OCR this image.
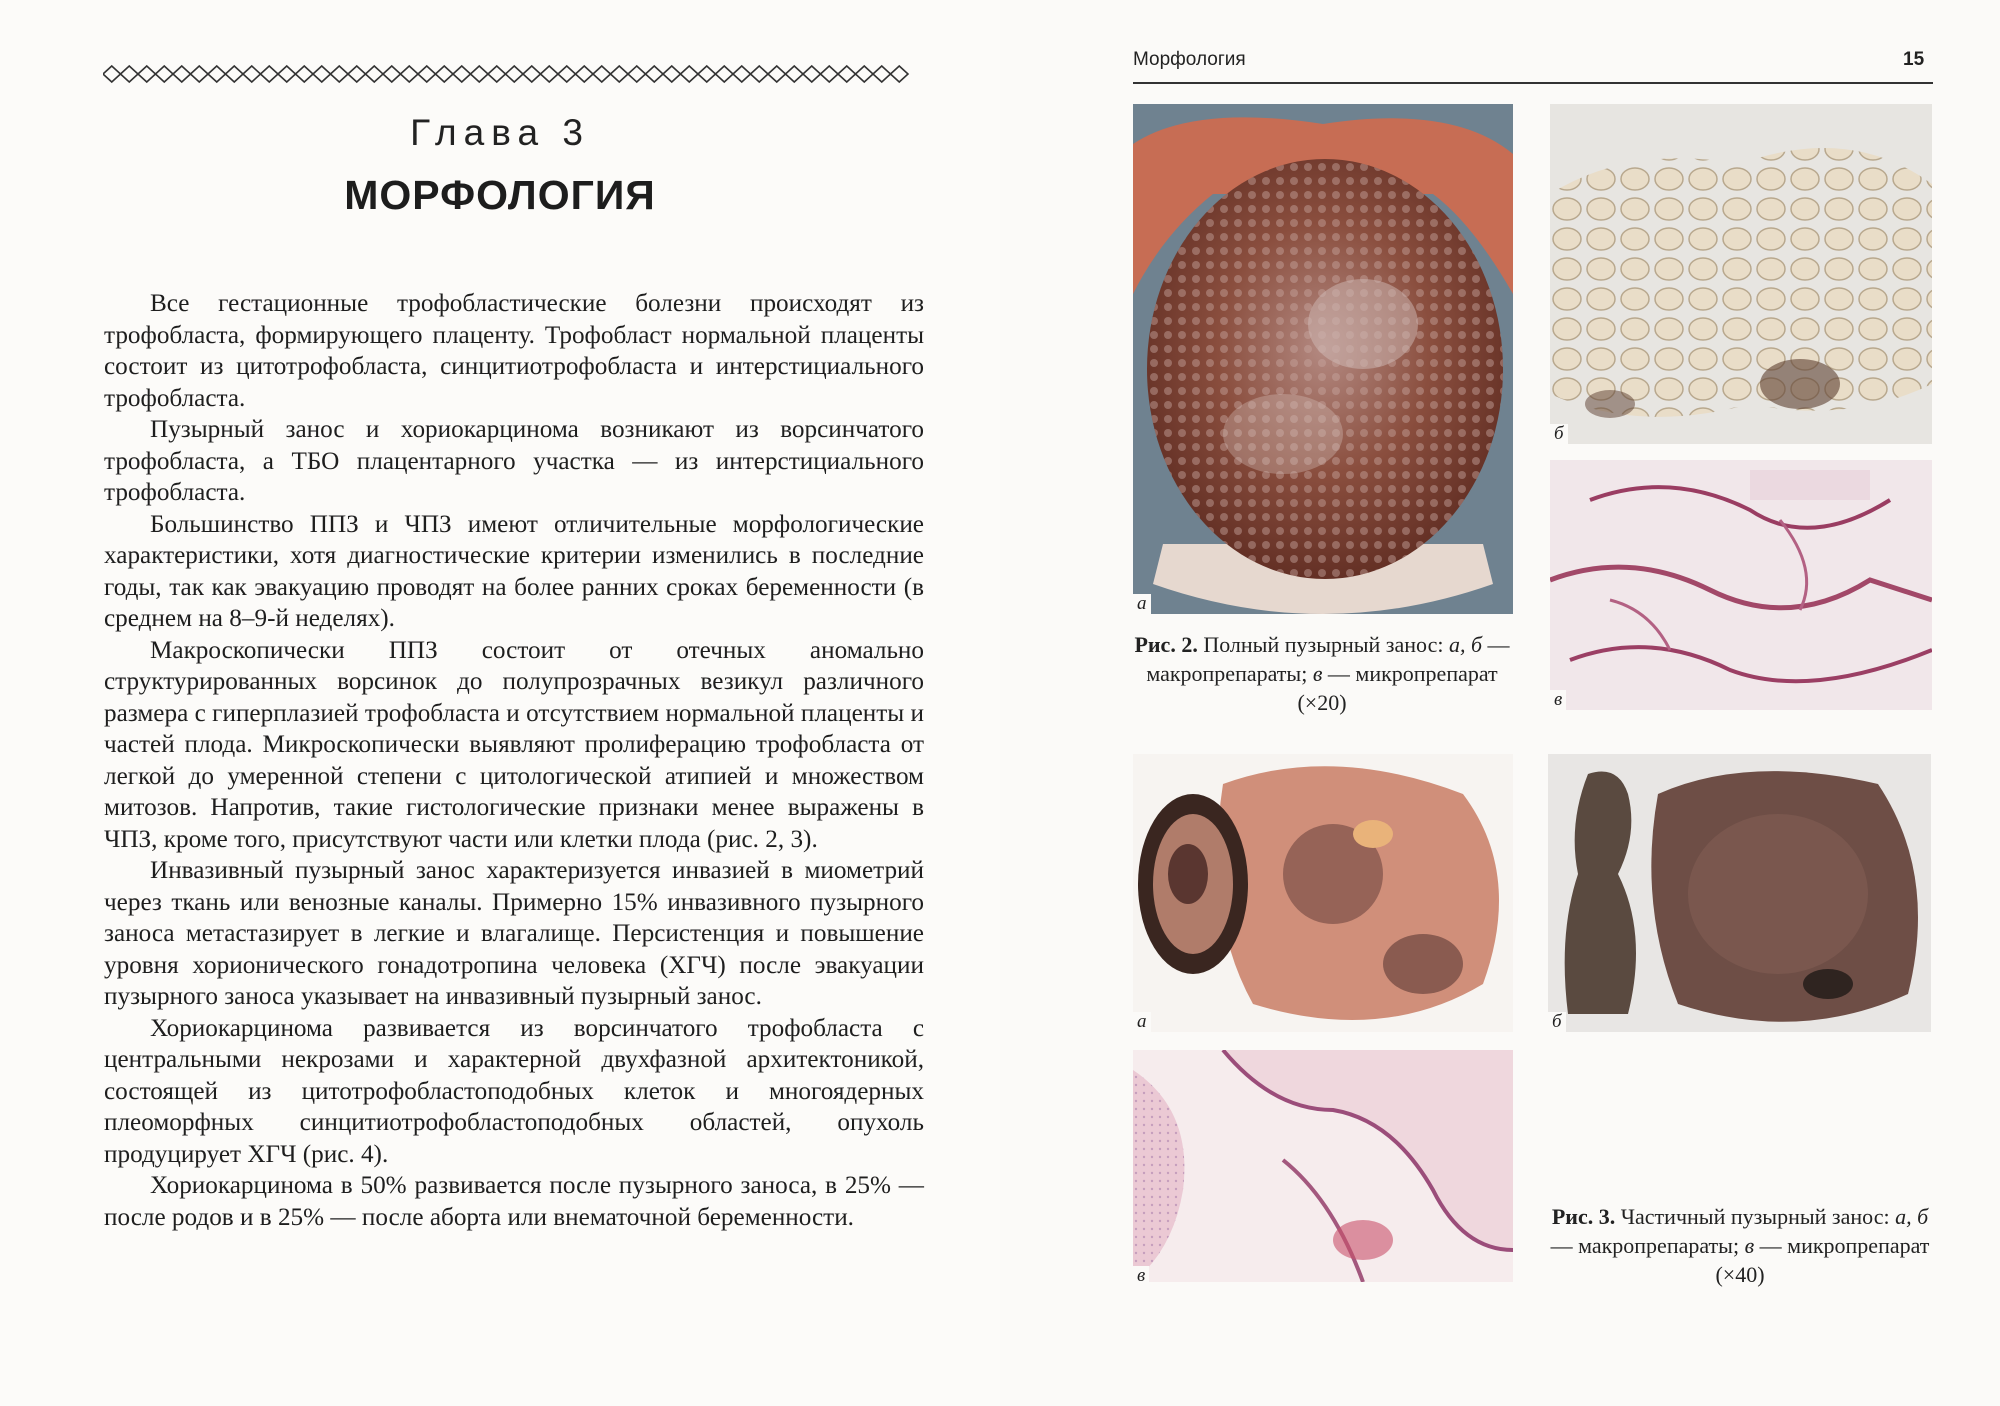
Глава 3
МОРФОЛОГИЯ

Все гестационные трофобластические болезни происходят из трофобласта, формирующего плаценту. Трофобласт нормальной плаценты состоит из цитотрофобласта, синцитиотрофобласта и интерстициального трофобласта.

Пузырный занос и хориокарцинома возникают из ворсинчатого трофобласта, а ТБО плацентарного участка — из интерстициального трофобласта.

Большинство ППЗ и ЧПЗ имеют отличительные морфологические характеристики, хотя диагностические критерии изменились в последние годы, так как эвакуацию проводят на более ранних сроках беременности (в среднем на 8–9-й неделях).

Макроскопически ППЗ состоит от отечных аномально структурированных ворсинок до полупрозрачных везикул различного размера с гиперплазией трофобласта и отсутствием нормальной плаценты и частей плода. Микроскопически выявляют пролиферацию трофобласта от легкой до умеренной степени с цитологической атипией и множеством митозов. Напротив, такие гистологические признаки менее выражены в ЧПЗ, кроме того, присутствуют части или клетки плода (рис. 2, 3).

Инвазивный пузырный занос характеризуется инвазией в миометрий через ткань или венозные каналы. Примерно 15% инвазивного пузырного заноса метастазирует в легкие и влагалище. Персистенция и повышение уровня хорионического гонадотропина человека (ХГЧ) после эвакуации пузырного заноса указывает на инвазивный пузырный занос.

Хориокарцинома развивается из ворсинчатого трофобласта с центральными некрозами и характерной двухфазной архитектоникой, состоящей из цитотрофобластоподобных клеток и многоядерных плеоморфных синцитиотрофобластоподобных областей, опухоль продуцирует ХГЧ (рис. 4).

Хориокарцинома в 50% развивается после пузырного заноса, в 25% — после родов и в 25% — после аборта или внематочной беременности.

Морфология	15
а
б
в
Рис. 2. Полный пузырный занос: а, б — макропрепараты; в — микропрепарат (×20)
а	б
в
Рис. 3. Частичный пузырный занос: а, б — макропрепараты; в — микропрепарат (×40)
